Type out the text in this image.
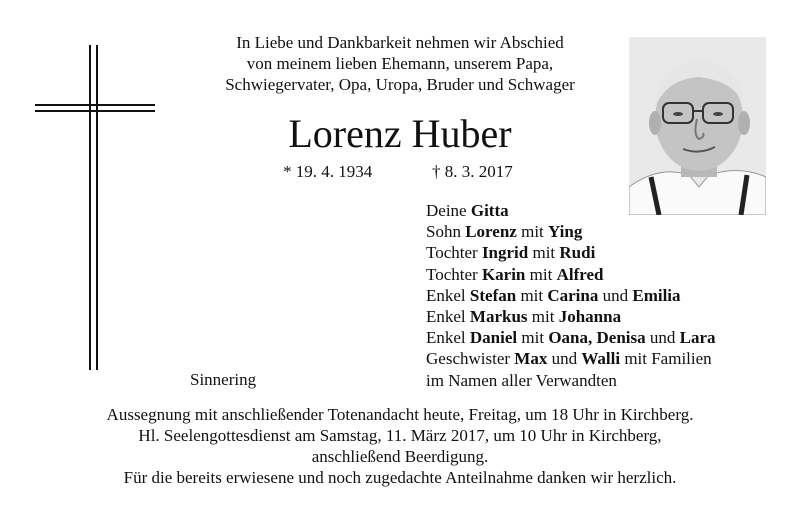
In Liebe und Dankbarkeit nehmen wir Abschied
von meinem lieben Ehemann, unserem Papa,
Schwiegervater, Opa, Uropa, Bruder und Schwager
Lorenz Huber
* 19. 4. 1934	† 8. 3. 2017
Deine Gitta
Sohn Lorenz mit Ying
Tochter Ingrid mit Rudi
Tochter Karin mit Alfred
Enkel Stefan mit Carina und Emilia
Enkel Markus mit Johanna
Enkel Daniel mit Oana, Denisa und Lara
Geschwister Max und Walli mit Familien
im Namen aller Verwandten
Sinnering
Aussegnung mit anschließender Totenandacht heute, Freitag, um 18 Uhr in Kirchberg.
Hl. Seelengottesdienst am Samstag, 11. März 2017, um 10 Uhr in Kirchberg,
anschließend Beerdigung.
Für die bereits erwiesene und noch zugedachte Anteilnahme danken wir herzlich.
